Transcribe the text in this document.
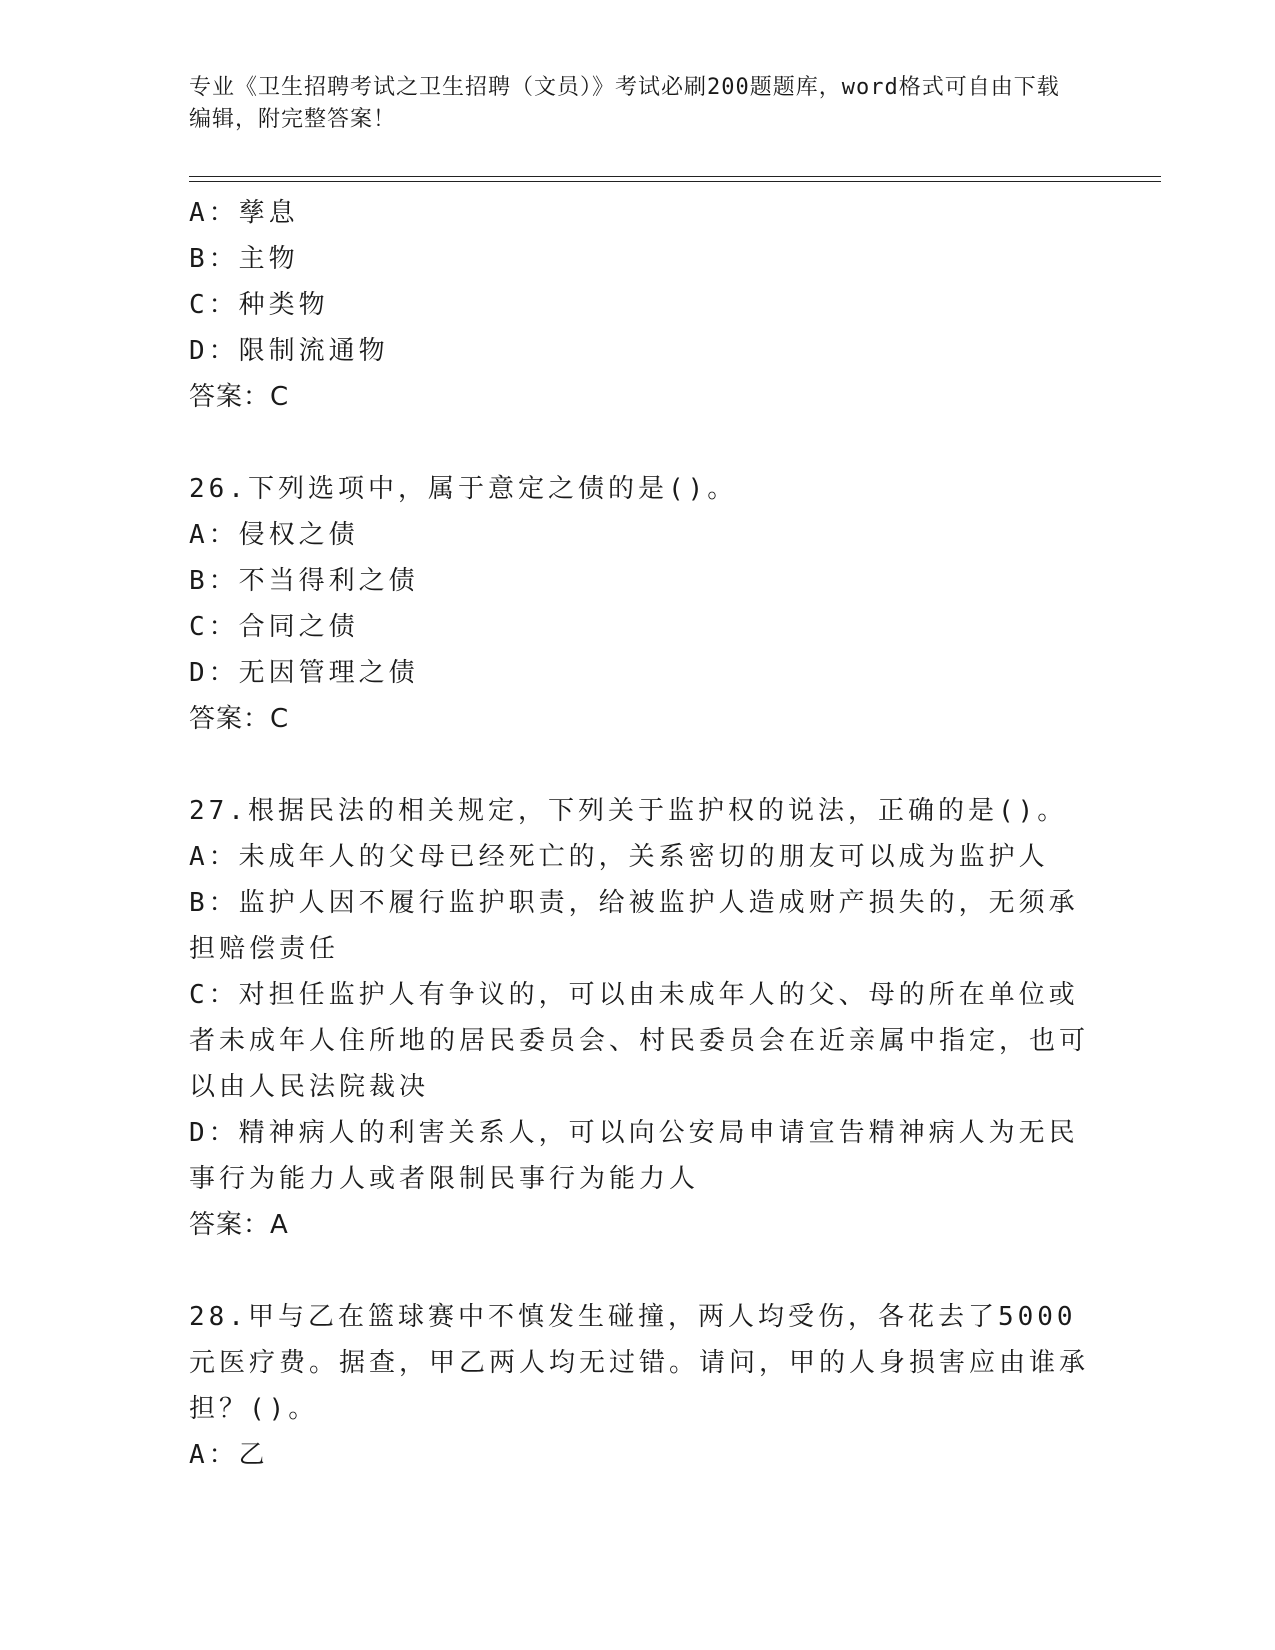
专业《卫生招聘考试之卫生招聘（文员）》考试必刷200题题库，word格式可自由下载编辑，附完整答案！
A：孳息
B：主物
C：种类物
D：限制流通物
答案：C
26.下列选项中，属于意定之债的是()。
A：侵权之债
B：不当得利之债
C：合同之债
D：无因管理之债
答案：C
27.根据民法的相关规定，下列关于监护权的说法，正确的是()。
A：未成年人的父母已经死亡的，关系密切的朋友可以成为监护人
B：监护人因不履行监护职责，给被监护人造成财产损失的，无须承担赔偿责任
C：对担任监护人有争议的，可以由未成年人的父、母的所在单位或者未成年人住所地的居民委员会、村民委员会在近亲属中指定，也可以由人民法院裁决
D：精神病人的利害关系人，可以向公安局申请宣告精神病人为无民事行为能力人或者限制民事行为能力人
答案：A
28.甲与乙在篮球赛中不慎发生碰撞，两人均受伤，各花去了5000元医疗费。据查，甲乙两人均无过错。请问，甲的人身损害应由谁承担？()。
A：乙
